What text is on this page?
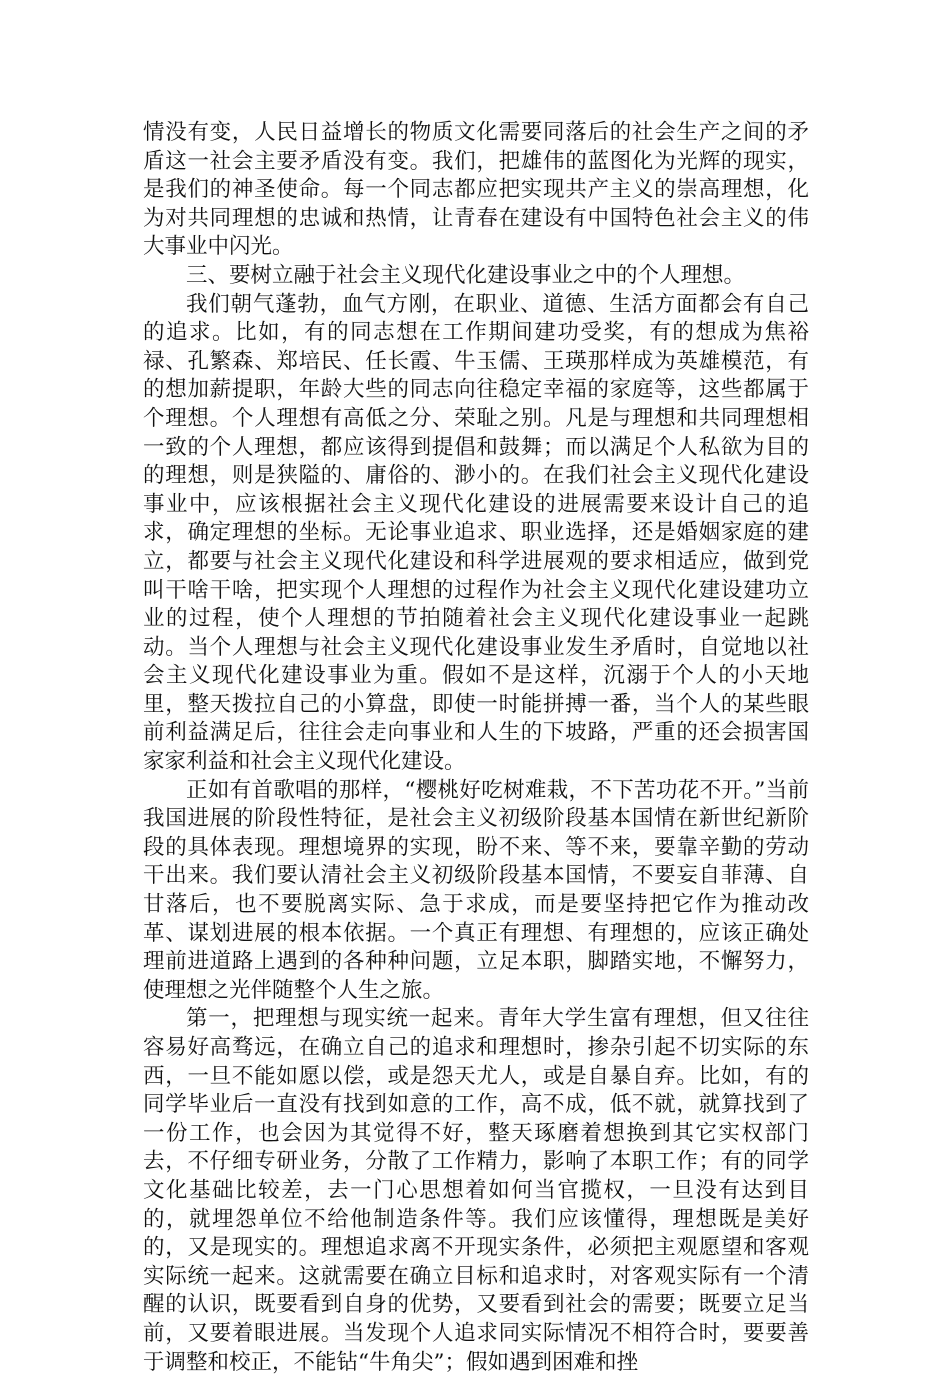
情没有变，人民日益增长的物质文化需要同落后的社会生产之间的矛盾这一社会主要矛盾没有变。我们，把雄伟的蓝图化为光辉的现实，是我们的神圣使命。每一个同志都应把实现共产主义的崇高理想，化为对共同理想的忠诚和热情，让青春在建设有中国特色社会主义的伟大事业中闪光。

三、要树立融于社会主义现代化建设事业之中的个人理想。

我们朝气蓬勃，血气方刚，在职业、道德、生活方面都会有自己的追求。比如，有的同志想在工作期间建功受奖，有的想成为焦裕禄、孔繁森、郑培民、任长霞、牛玉儒、王瑛那样成为英雄模范，有的想加薪提职，年龄大些的同志向往稳定幸福的家庭等，这些都属于个理想。个人理想有高低之分、荣耻之别。凡是与理想和共同理想相一致的个人理想，都应该得到提倡和鼓舞；而以满足个人私欲为目的的理想，则是狭隘的、庸俗的、渺小的。在我们社会主义现代化建设事业中，应该根据社会主义现代化建设的进展需要来设计自己的追求，确定理想的坐标。无论事业追求、职业选择，还是婚姻家庭的建立，都要与社会主义现代化建设和科学进展观的要求相适应，做到党叫干啥干啥，把实现个人理想的过程作为社会主义现代化建设建功立业的过程，使个人理想的节拍随着社会主义现代化建设事业一起跳动。当个人理想与社会主义现代化建设事业发生矛盾时，自觉地以社会主义现代化建设事业为重。假如不是这样，沉溺于个人的小天地里，整天拨拉自己的小算盘，即使一时能拼搏一番，当个人的某些眼前利益满足后，往往会走向事业和人生的下坡路，严重的还会损害国家家利益和社会主义现代化建设。

正如有首歌唱的那样，“樱桃好吃树难栽，不下苦功花不开。”当前我国进展的阶段性特征，是社会主义初级阶段基本国情在新世纪新阶段的具体表现。理想境界的实现，盼不来、等不来，要靠辛勤的劳动干出来。我们要认清社会主义初级阶段基本国情，不要妄自菲薄、自甘落后，也不要脱离实际、急于求成，而是要坚持把它作为推动改革、谋划进展的根本依据。一个真正有理想、有理想的，应该正确处理前进道路上遇到的各种种问题，立足本职，脚踏实地，不懈努力，使理想之光伴随整个人生之旅。

第一，把理想与现实统一起来。青年大学生富有理想，但又往往容易好高骛远，在确立自己的追求和理想时，掺杂引起不切实际的东西，一旦不能如愿以偿，或是怨天尤人，或是自暴自弃。比如，有的同学毕业后一直没有找到如意的工作，高不成，低不就，就算找到了一份工作，也会因为其觉得不好，整天琢磨着想换到其它实权部门去，不仔细专研业务，分散了工作精力，影响了本职工作；有的同学文化基础比较差，去一门心思想着如何当官揽权，一旦没有达到目的，就埋怨单位不给他制造条件等。我们应该懂得，理想既是美好的，又是现实的。理想追求离不开现实条件，必须把主观愿望和客观实际统一起来。这就需要在确立目标和追求时，对客观实际有一个清醒的认识，既要看到自身的优势，又要看到社会的需要；既要立足当前，又要着眼进展。当发现个人追求同实际情况不相符合时，要要善于调整和校正，不能钻“牛角尖”；假如遇到困难和挫
